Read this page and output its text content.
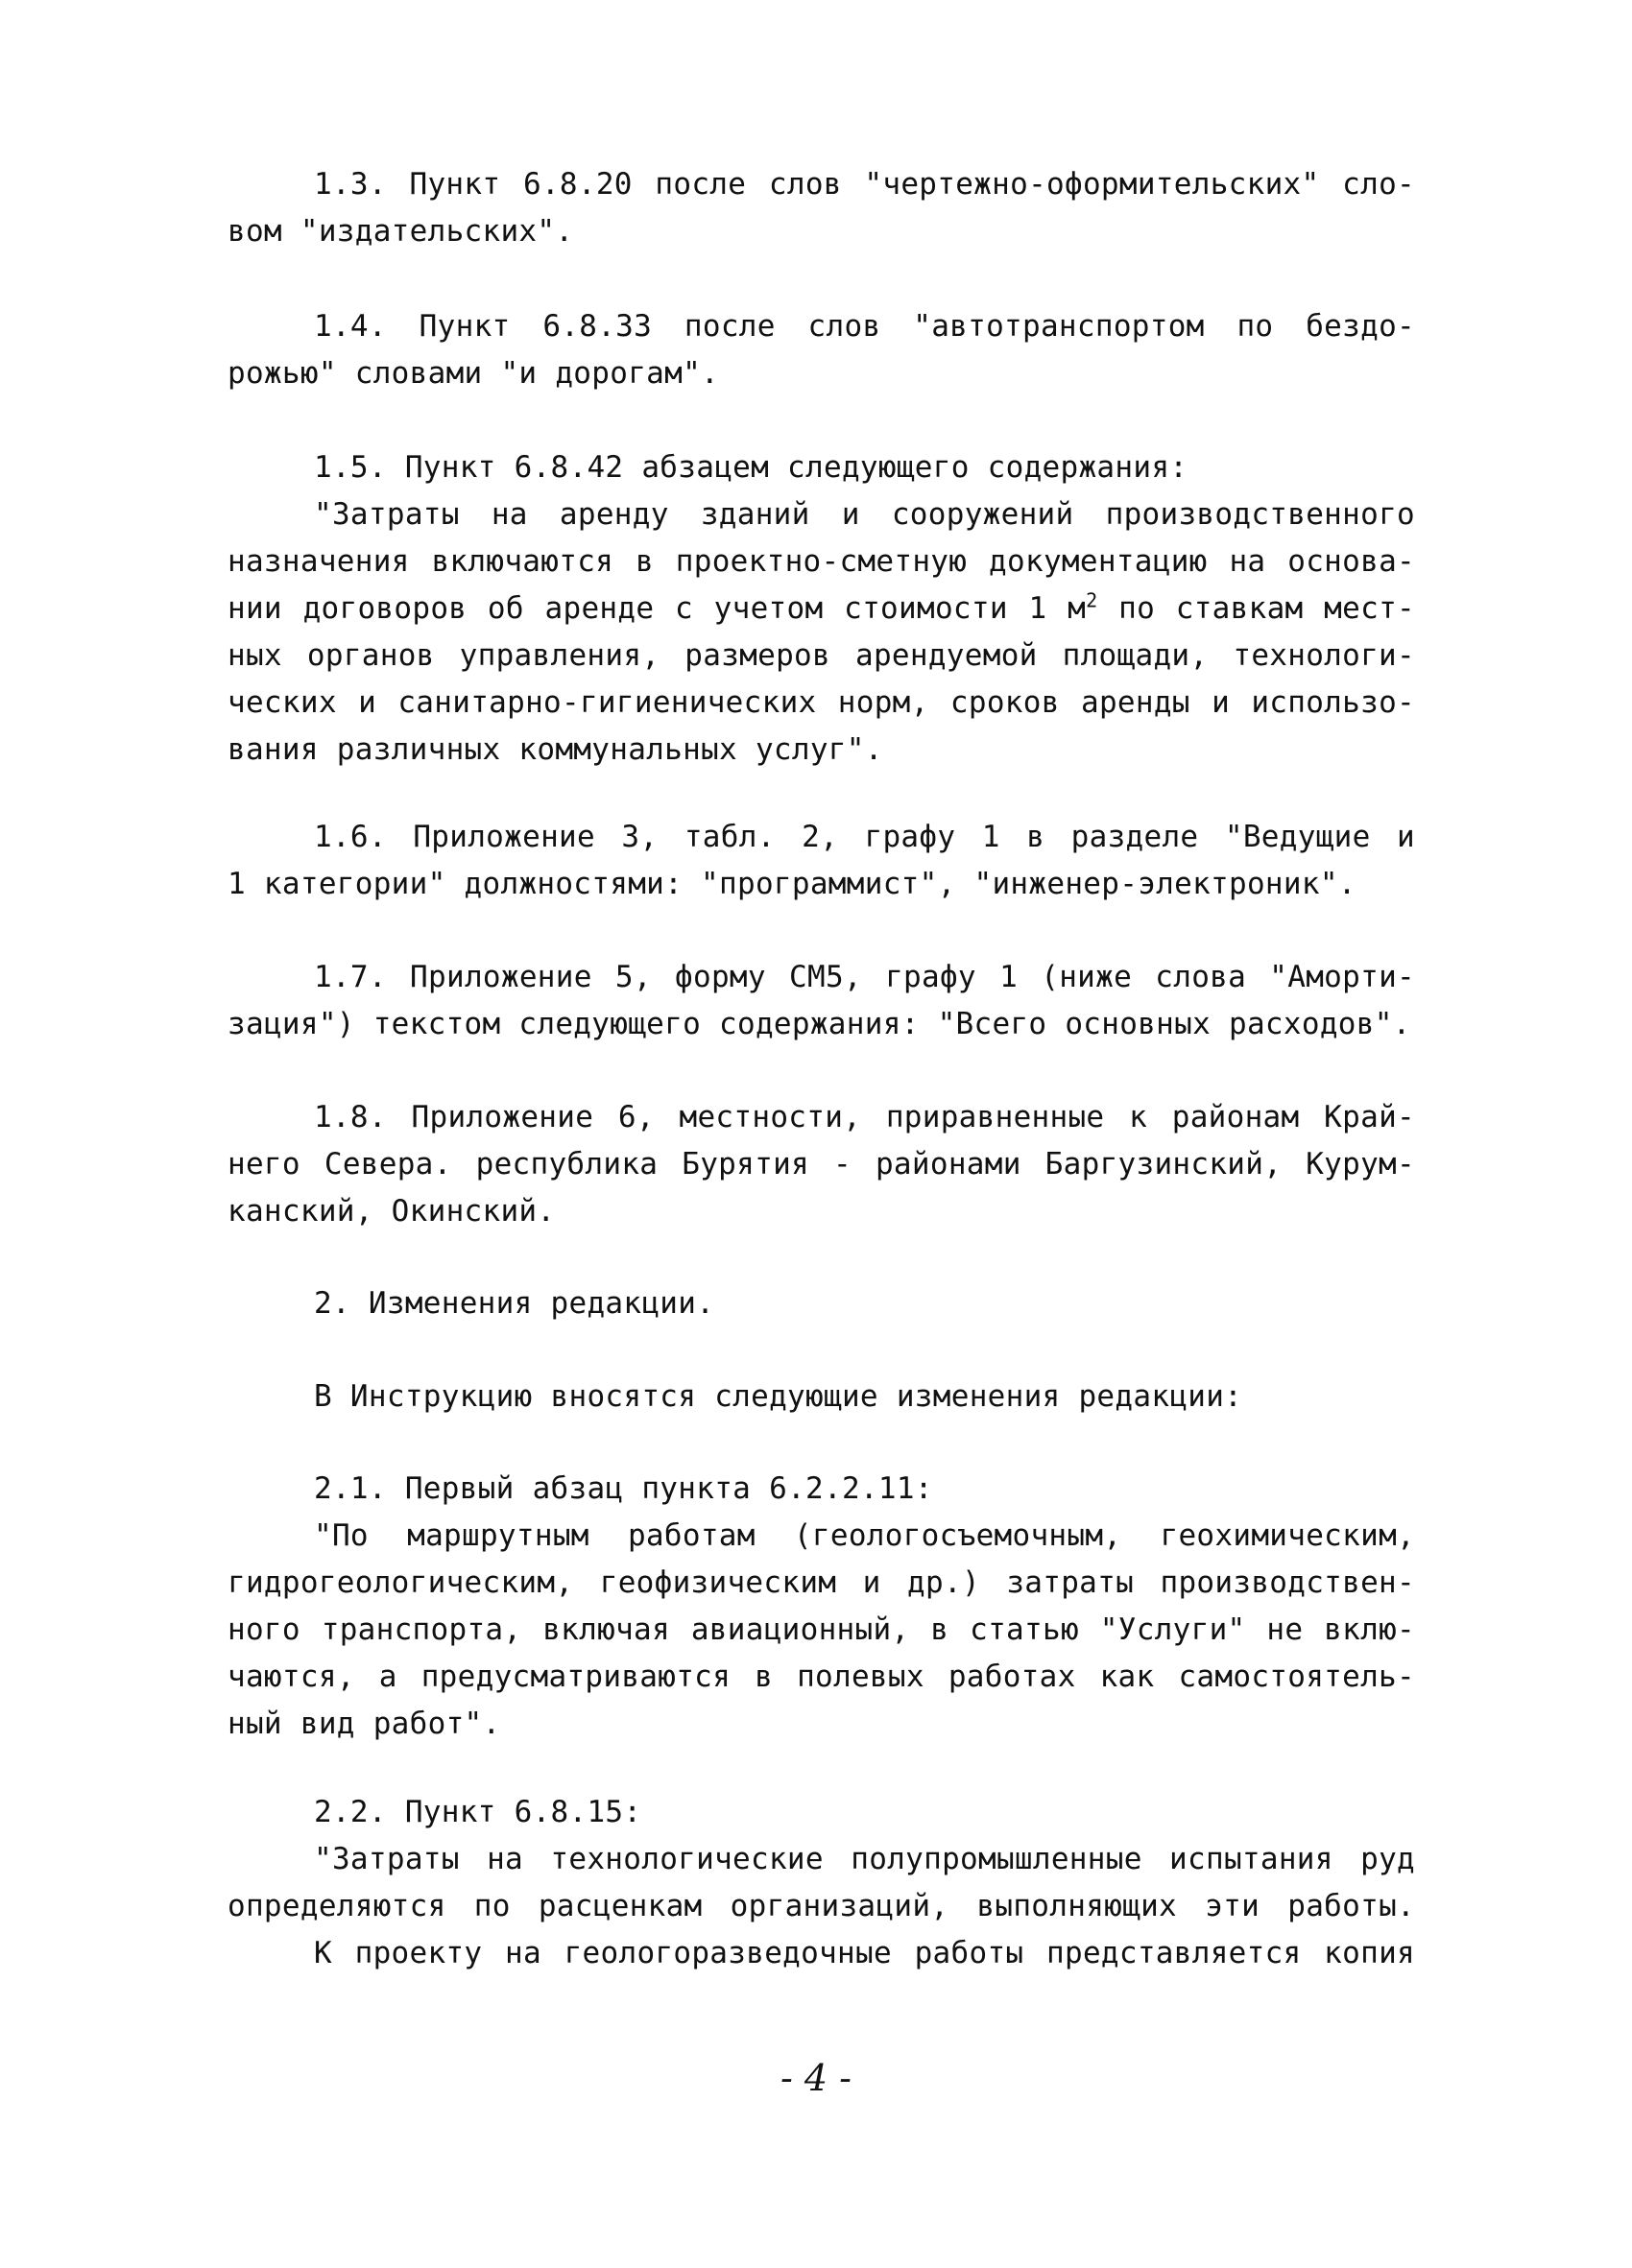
1.3. Пункт 6.8.20 после слов "чертежно-оформительских" сло-
вом "издательских".
1.4. Пункт 6.8.33 после слов "автотранспортом по бездо-
рожью" словами "и дорогам".
1.5. Пункт 6.8.42 абзацем следующего содержания:
"Затраты на аренду зданий и сооружений производственного
назначения включаются в проектно-сметную документацию на основа-
нии договоров об аренде с учетом стоимости 1 $м^2$ по ставкам мест-
ных органов управления, размеров арендуемой площади, технологи-
ческих и санитарно-гигиенических норм, сроков аренды и использо-
вания различных коммунальных услуг".
1.6. Приложение 3, табл. 2, графу 1 в разделе "Ведущие и
1 категории" должностями: "программист", "инженер-электроник".
1.7. Приложение 5, форму СМ5, графу 1 (ниже слова "Аморти-
зация") текстом следующего содержания: "Всего основных расходов".
1.8. Приложение 6, местности, приравненные к районам Край-
него Севера. республика Бурятия - районами Баргузинский, Курум-
канский, Окинский.
2. Изменения редакции.
В Инструкцию вносятся следующие изменения редакции:
2.1. Первый абзац пункта 6.2.2.11:
"По маршрутным работам (геологосъемочным, геохимическим,
гидрогеологическим, геофизическим и др.) затраты производствен-
ного транспорта, включая авиационный, в статью "Услуги" не вклю-
чаются, а предусматриваются в полевых работах как самостоятель-
ный вид работ".
2.2. Пункт 6.8.15:
"Затраты на технологические полупромышленные испытания руд
определяются по расценкам организаций, выполняющих эти работы.
К проекту на геологоразведочные работы представляется копия
- 4 -
